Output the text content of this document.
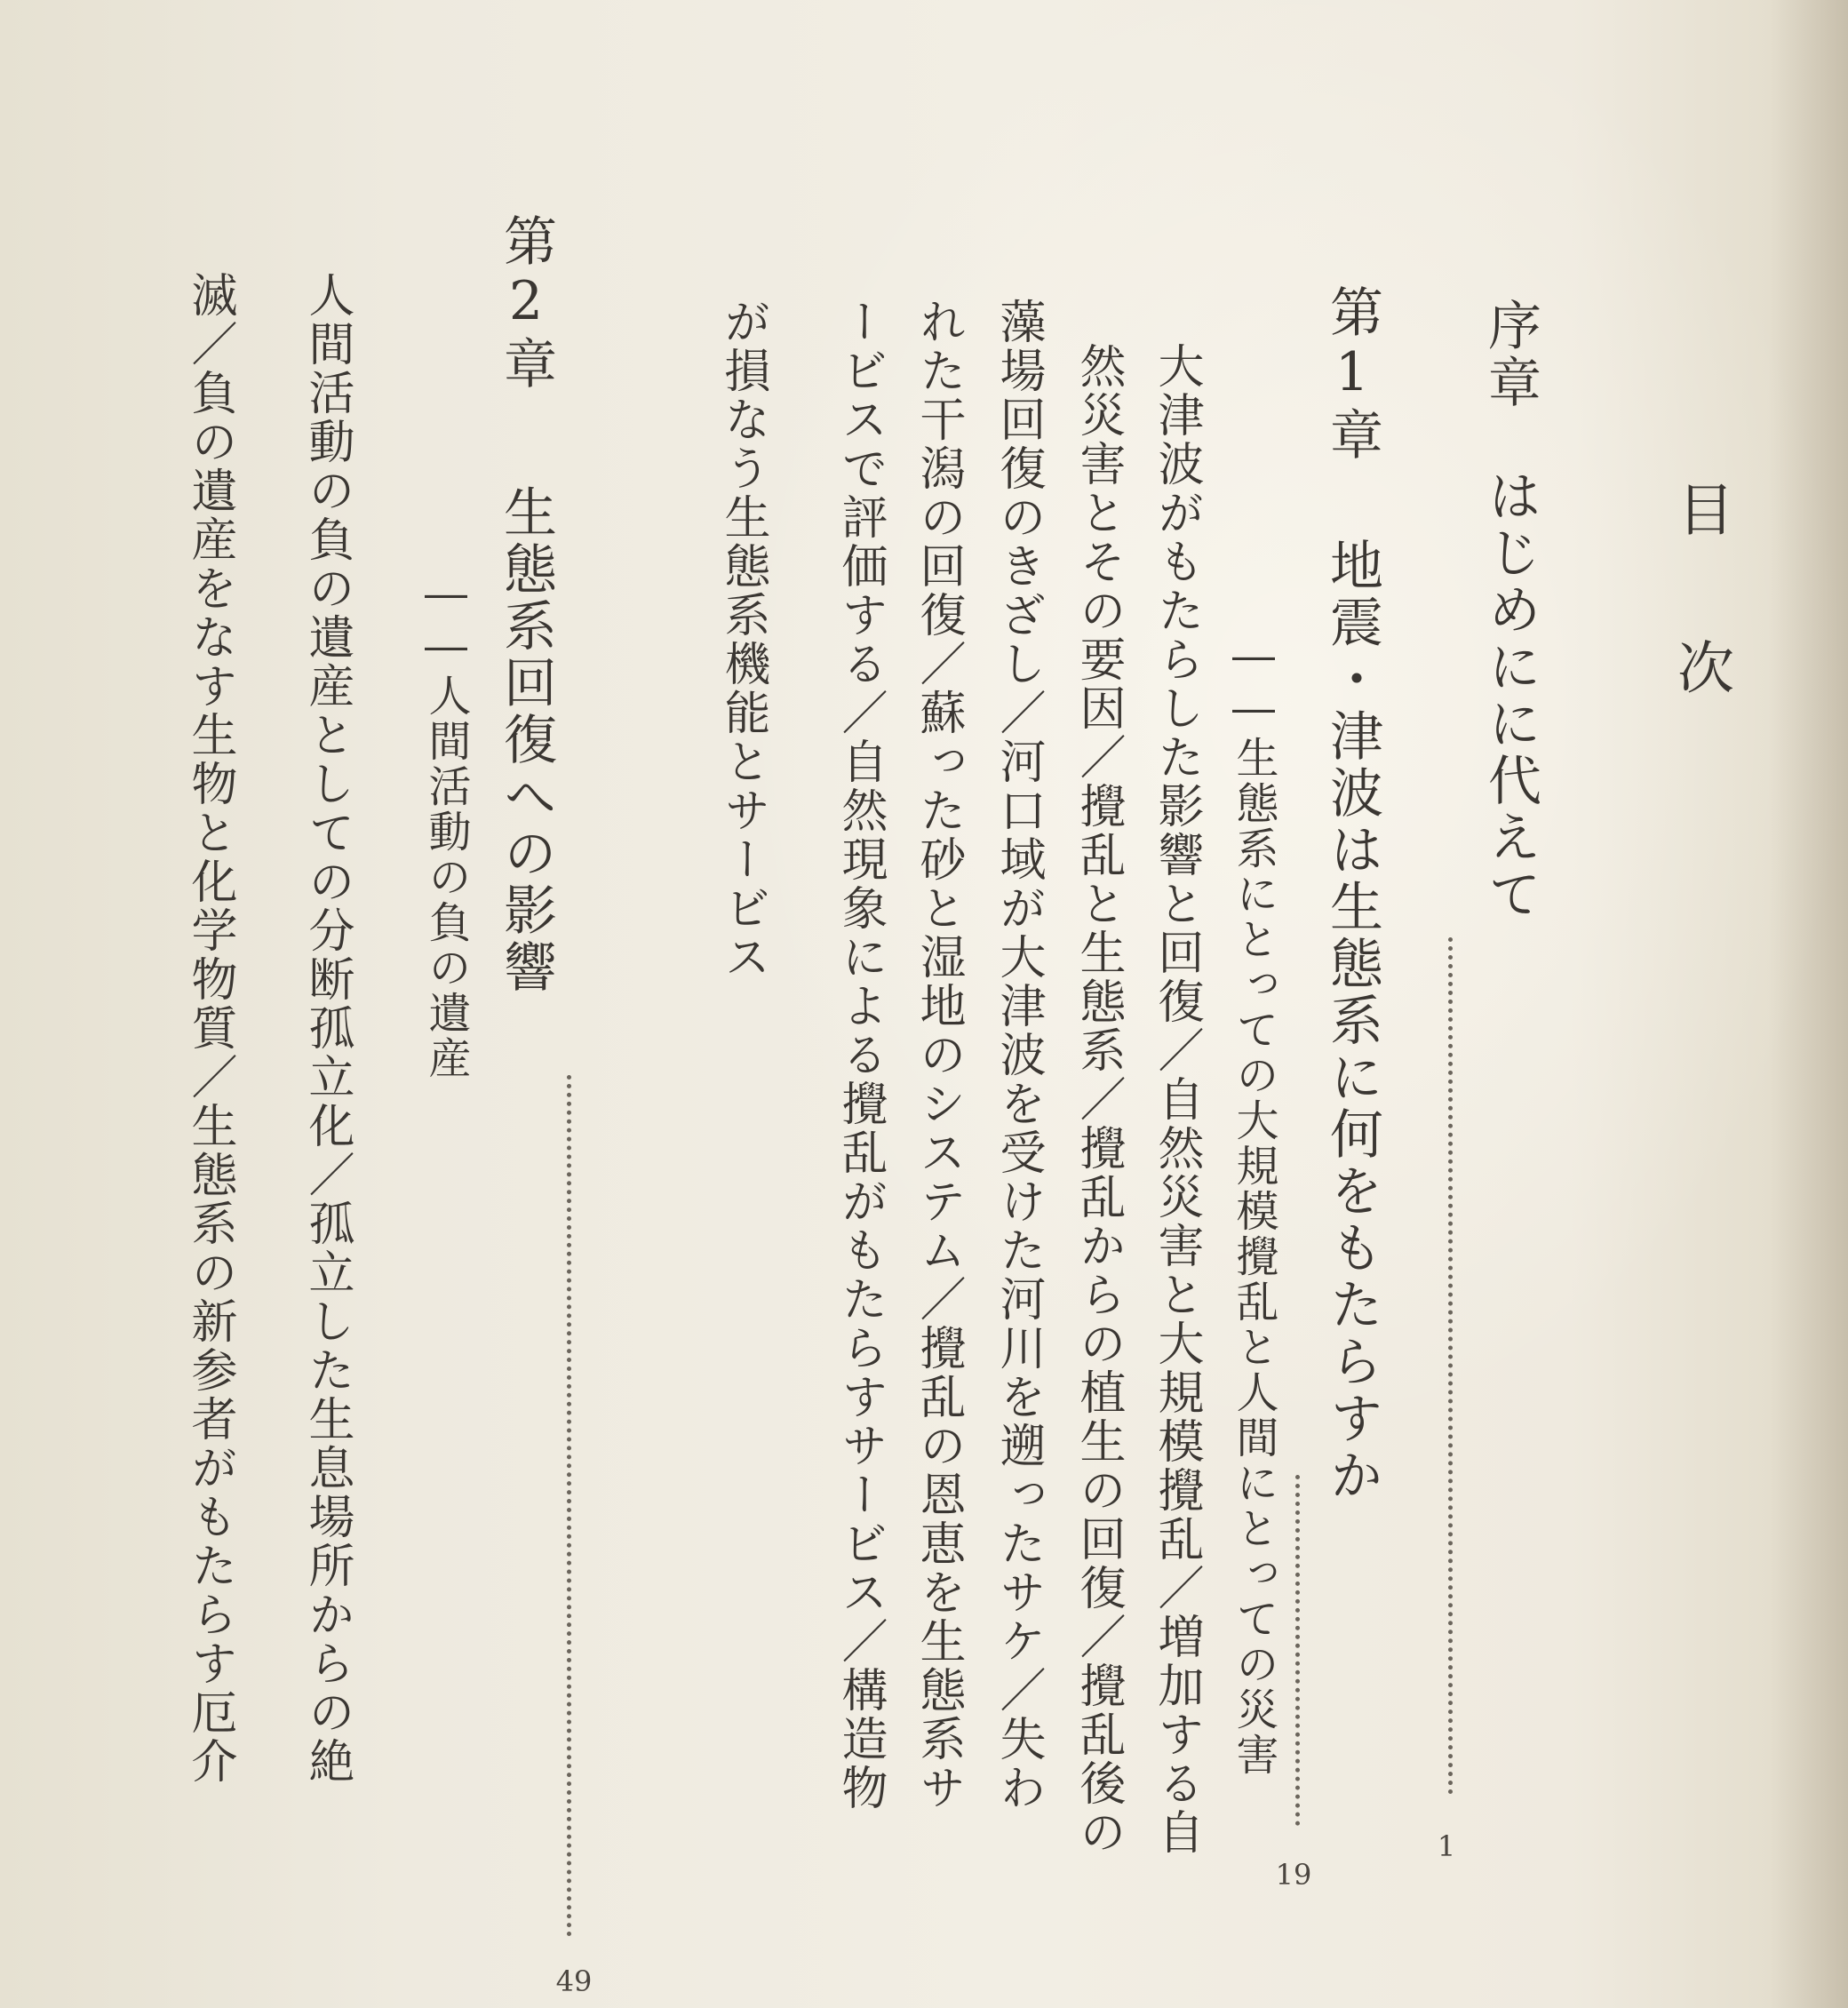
目 次
序章　はじめにに代えて
1
第1章
地震・津波は生態系に何をもたらすか
19
――生態系にとっての大規模攪乱と人間にとっての災害
大津波がもたらした影響と回復／自然災害と大規模攪乱／増加する自
然災害とその要因／攪乱と生態系／攪乱からの植生の回復／攪乱後の
藻場回復のきざし／河口域が大津波を受けた河川を遡ったサケ／失わ
れた干潟の回復／蘇った砂と湿地のシステム／攪乱の恩恵を生態系サ
ービスで評価する／自然現象による攪乱がもたらすサービス／構造物
が損なう生態系機能とサービス
第2章
生態系回復への影響
49
――人間活動の負の遺産
人間活動の負の遺産としての分断孤立化／孤立した生息場所からの絶
滅／負の遺産をなす生物と化学物質／生態系の新参者がもたらす厄介
